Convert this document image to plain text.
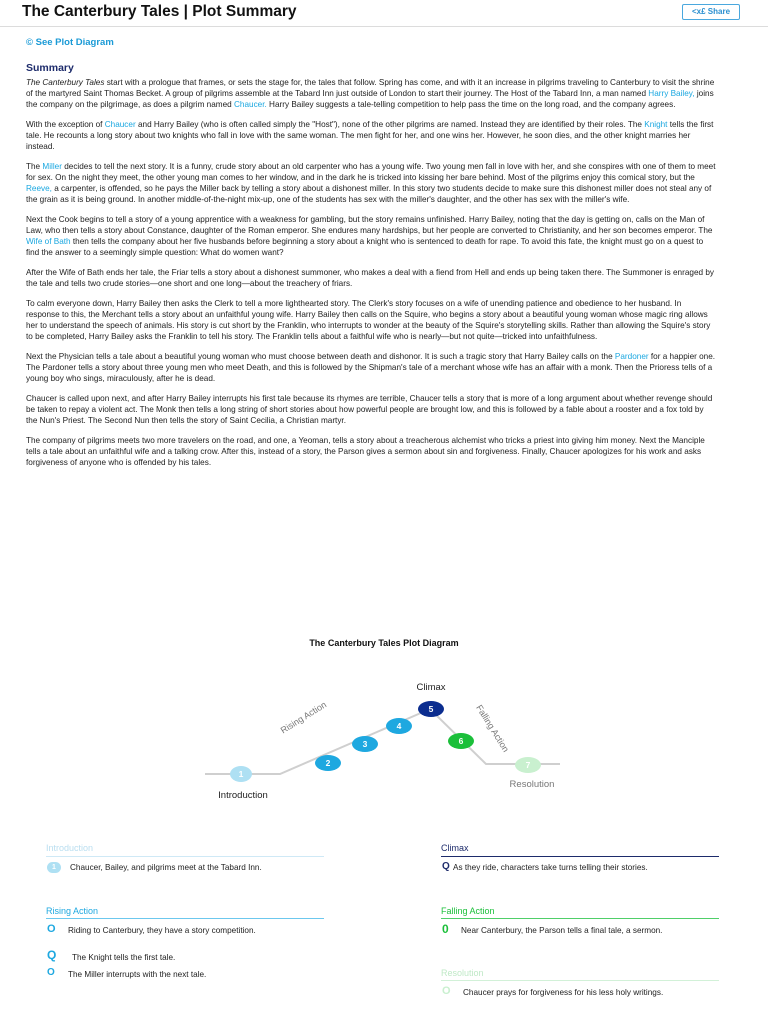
The Canterbury Tales | Plot Summary	<x£ Share
© See Plot Diagram
Summary

The Canterbury Tales start with a prologue that frames, or sets the stage for, the tales that follow. Spring has come, and with it an increase in pilgrims traveling to Canterbury to visit the shrine of the martyred Saint Thomas Becket. A group of pilgrims assemble at the Tabard Inn just outside of London to start their journey. The Host of the Tabard Inn, a man named Harry Bailey, joins the company on the pilgrimage, as does a pilgrim named Chaucer. Harry Bailey suggests a tale-telling competition to help pass the time on the long road, and the company agrees.

With the exception of Chaucer and Harry Bailey (who is often called simply the "Host"), none of the other pilgrims are named. Instead they are identified by their roles. The Knight tells the first tale. He recounts a long story about two knights who fall in love with the same woman. The men fight for her, and one wins her. However, he soon dies, and the other knight marries her instead.

The Miller decides to tell the next story. It is a funny, crude story about an old carpenter who has a young wife. Two young men fall in love with her, and she conspires with one of them to meet for sex. On the night they meet, the other young man comes to her window, and in the dark he is tricked into kissing her bare behind. Most of the pilgrims enjoy this comical story, but the Reeve, a carpenter, is offended, so he pays the Miller back by telling a story about a dishonest miller. In this story two students decide to make sure this dishonest miller does not steal any of the grain as it is being ground. In another middle-of-the-night mix-up, one of the students has sex with the miller's daughter, and the other has sex with the miller's wife.

Next the Cook begins to tell a story of a young apprentice with a weakness for gambling, but the story remains unfinished. Harry Bailey, noting that the day is getting on, calls on the Man of Law, who then tells a story about Constance, daughter of the Roman emperor. She endures many hardships, but her people are converted to Christianity, and her son becomes emperor. The Wife of Bath then tells the company about her five husbands before beginning a story about a knight who is sentenced to death for rape. To avoid this fate, the knight must go on a quest to find the answer to a seemingly simple question: What do women want?

After the Wife of Bath ends her tale, the Friar tells a story about a dishonest summoner, who makes a deal with a fiend from Hell and ends up being taken there. The Summoner is enraged by the tale and tells two crude stories—one short and one long—about the treachery of friars.

To calm everyone down, Harry Bailey then asks the Clerk to tell a more lighthearted story. The Clerk's story focuses on a wife of unending patience and obedience to her husband. In response to this, the Merchant tells a story about an unfaithful young wife. Harry Bailey then calls on the Squire, who begins a story about a beautiful young woman whose magic ring allows her to understand the speech of animals. His story is cut short by the Franklin, who interrupts to wonder at the beauty of the Squire's storytelling skills. Rather than allowing the Squire's story to be completed, Harry Bailey asks the Franklin to tell his story. The Franklin tells about a faithful wife who is nearly—but not quite—tricked into unfaithfulness.

Next the Physician tells a tale about a beautiful young woman who must choose between death and dishonor. It is such a tragic story that Harry Bailey calls on the Pardoner for a happier one. The Pardoner tells a story about three young men who meet Death, and this is followed by the Shipman's tale of a merchant whose wife has an affair with a monk. Then the Prioress tells of a young boy who sings, miraculously, after he is dead.

Chaucer is called upon next, and after Harry Bailey interrupts his first tale because its rhymes are terrible, Chaucer tells a story that is more of a long argument about whether revenge should be taken to repay a violent act. The Monk then tells a long string of short stories about how powerful people are brought low, and this is followed by a fable about a rooster and a fox told by the Nun's Priest. The Second Nun then tells the story of Saint Cecilia, a Christian martyr.

The company of pilgrims meets two more travelers on the road, and one, a Yeoman, tells a story about a treacherous alchemist who tricks a priest into giving him money. Next the Manciple tells a tale about an unfaithful wife and a talking crow. After this, instead of a story, the Parson gives a sermon about sin and forgiveness. Finally, Chaucer apologizes for his work and asks forgiveness of anyone who is offended by his tales.

The Canterbury Tales Plot Diagram
1
2
3
4
5
6
7
Climax
Rising Action	Falling Action
Introduction
Resolution
Introduction
1	Chaucer, Bailey, and pilgrims meet at the Tabard Inn.
Climax
Q As they ride, characters take turns telling their stories.
Rising Action
O Riding to Canterbury, they have a story competition.
Q The Knight tells the first tale.
O The Miller interrupts with the next tale.
Falling Action
0 Near Canterbury, the Parson tells a final tale, a sermon.
Resolution
O Chaucer prays for forgiveness for his less holy writings.
